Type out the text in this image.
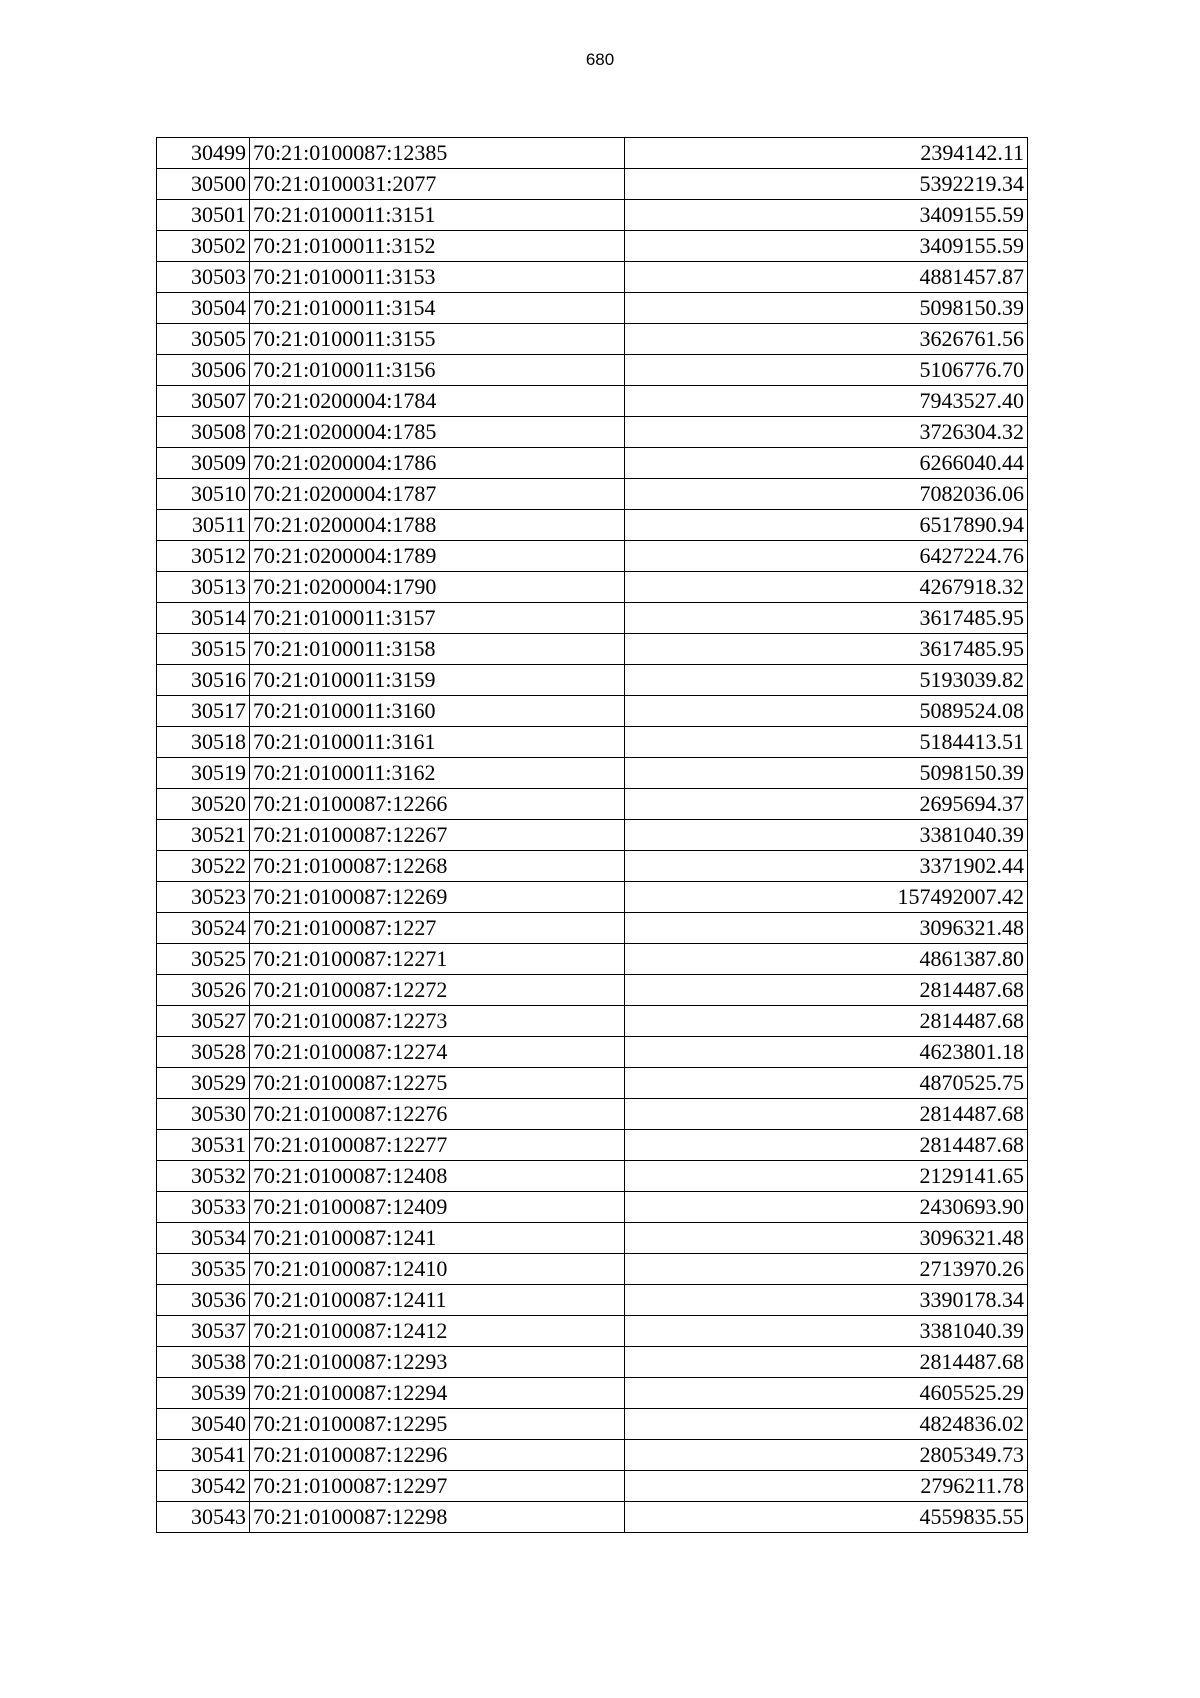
680
30499	70:21:0100087:12385	2394142.11
30500	70:21:0100031:2077	5392219.34
30501	70:21:0100011:3151	3409155.59
30502	70:21:0100011:3152	3409155.59
30503	70:21:0100011:3153	4881457.87
30504	70:21:0100011:3154	5098150.39
30505	70:21:0100011:3155	3626761.56
30506	70:21:0100011:3156	5106776.70
30507	70:21:0200004:1784	7943527.40
30508	70:21:0200004:1785	3726304.32
30509	70:21:0200004:1786	6266040.44
30510	70:21:0200004:1787	7082036.06
30511	70:21:0200004:1788	6517890.94
30512	70:21:0200004:1789	6427224.76
30513	70:21:0200004:1790	4267918.32
30514	70:21:0100011:3157	3617485.95
30515	70:21:0100011:3158	3617485.95
30516	70:21:0100011:3159	5193039.82
30517	70:21:0100011:3160	5089524.08
30518	70:21:0100011:3161	5184413.51
30519	70:21:0100011:3162	5098150.39
30520	70:21:0100087:12266	2695694.37
30521	70:21:0100087:12267	3381040.39
30522	70:21:0100087:12268	3371902.44
30523	70:21:0100087:12269	157492007.42
30524	70:21:0100087:1227	3096321.48
30525	70:21:0100087:12271	4861387.80
30526	70:21:0100087:12272	2814487.68
30527	70:21:0100087:12273	2814487.68
30528	70:21:0100087:12274	4623801.18
30529	70:21:0100087:12275	4870525.75
30530	70:21:0100087:12276	2814487.68
30531	70:21:0100087:12277	2814487.68
30532	70:21:0100087:12408	2129141.65
30533	70:21:0100087:12409	2430693.90
30534	70:21:0100087:1241	3096321.48
30535	70:21:0100087:12410	2713970.26
30536	70:21:0100087:12411	3390178.34
30537	70:21:0100087:12412	3381040.39
30538	70:21:0100087:12293	2814487.68
30539	70:21:0100087:12294	4605525.29
30540	70:21:0100087:12295	4824836.02
30541	70:21:0100087:12296	2805349.73
30542	70:21:0100087:12297	2796211.78
30543	70:21:0100087:12298	4559835.55
